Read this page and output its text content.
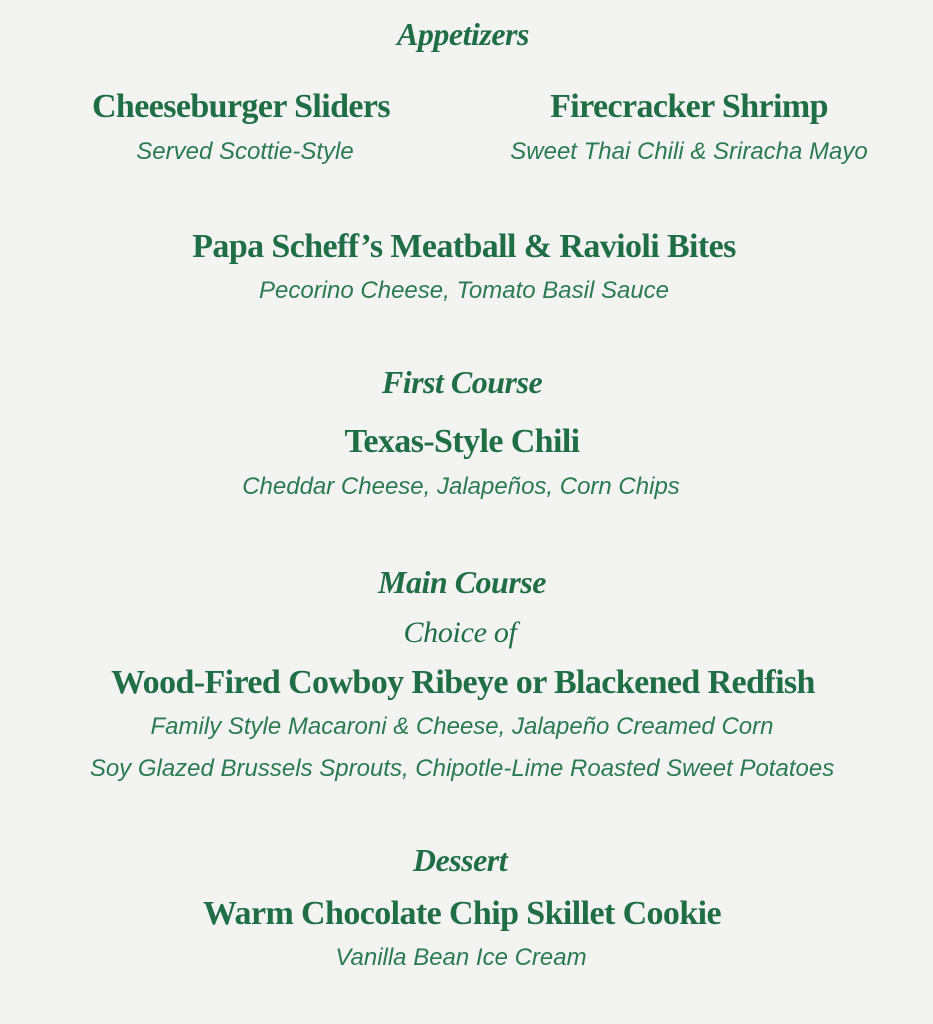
Appetizers
Cheeseburger Sliders
Served Scottie-Style
Firecracker Shrimp
Sweet Thai Chili & Sriracha Mayo
Papa Scheff’s Meatball & Ravioli Bites
Pecorino Cheese, Tomato Basil Sauce
First Course
Texas-Style Chili
Cheddar Cheese, Jalapeños, Corn Chips
Main Course
Choice of
Wood-Fired Cowboy Ribeye or Blackened Redfish
Family Style Macaroni & Cheese, Jalapeño Creamed Corn
Soy Glazed Brussels Sprouts, Chipotle-Lime Roasted Sweet Potatoes
Dessert
Warm Chocolate Chip Skillet Cookie
Vanilla Bean Ice Cream
